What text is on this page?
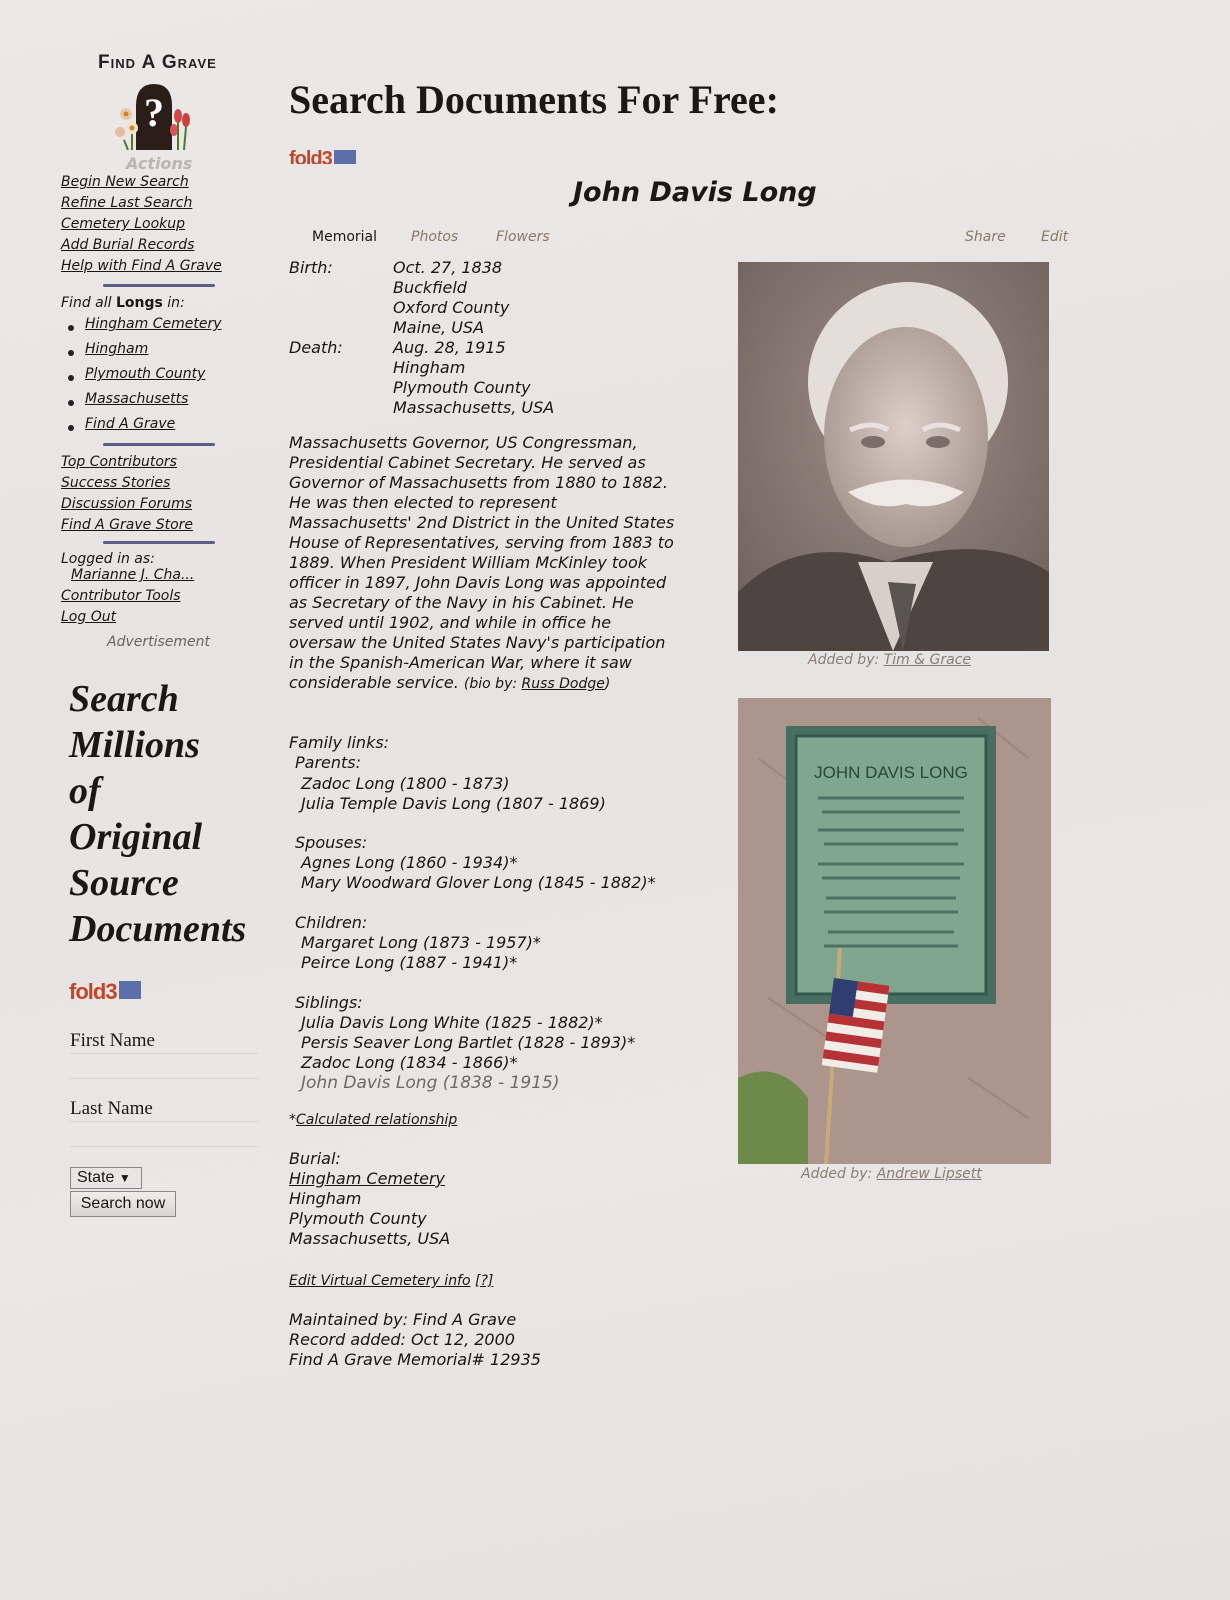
Find A Grave
?
Actions
Begin New Search
Refine Last Search
Cemetery Lookup
Add Burial Records
Help with Find A Grave
Find all Longs in:
Hingham Cemetery
Hingham
Plymouth County
Massachusetts
Find A Grave
Top Contributors
Success Stories
Discussion Forums
Find A Grave Store
Logged in as:
Marianne J. Cha...
Contributor Tools
Log Out
Advertisement
Search
Millions
of
Original
Source
Documents
fold3
First Name
Last Name
State ▼
Search now
Search Documents For Free:
fold3
John Davis Long
Memorial Photos	Flowers	Share	Edit
Birth:	Oct. 27, 1838
Buckfield
Oxford County
Maine, USA
Death:	Aug. 28, 1915
Hingham
Plymouth County
Massachusetts, USA
Massachusetts Governor, US Congressman, Presidential Cabinet Secretary. He served as Governor of Massachusetts from 1880 to 1882. He was then elected to represent Massachusetts' 2nd District in the United States House of Representatives, serving from 1883 to 1889. When President William McKinley took officer in 1897, John Davis Long was appointed as Secretary of the Navy in his Cabinet. He served until 1902, and while in office he oversaw the United States Navy's participation in the Spanish-American War, where it saw considerable service. (bio by: Russ Dodge)
Family links:
Parents:
Zadoc Long (1800 - 1873)
Julia Temple Davis Long (1807 - 1869)
Spouses:
Agnes Long (1860 - 1934)*
Mary Woodward Glover Long (1845 - 1882)*
Children:
Margaret Long (1873 - 1957)*
Peirce Long (1887 - 1941)*
Siblings:
Julia Davis Long White (1825 - 1882)*
Persis Seaver Long Bartlet (1828 - 1893)*
Zadoc Long (1834 - 1866)*
John Davis Long (1838 - 1915)
*Calculated relationship
Burial:
Hingham Cemetery
Hingham
Plymouth County
Massachusetts, USA
Edit Virtual Cemetery info [?]
Maintained by: Find A Grave
Record added: Oct 12, 2000
Find A Grave Memorial# 12935
Added by: Tim & Grace
JOHN DAVIS LONG
Added by: Andrew Lipsett
